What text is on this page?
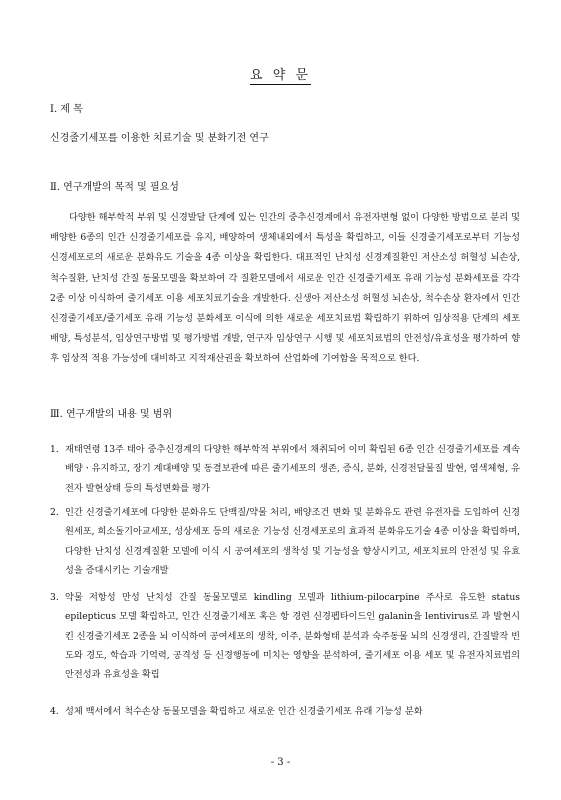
요 약 문
Ⅰ. 제 목
신경줄기세포를 이용한 치료기술 및 분화기전 연구
Ⅱ. 연구개발의 목적 및 필요성

다양한 해부학적 부위 및 신경발달 단계에 있는 인간의 중추신경계에서 유전자변형 없이 다양한 방법으로 분리 및 배양한 6종의 인간 신경줄기세포를 유지, 배양하여 생체내외에서 특성을 확립하고, 이들 신경줄기세포로부터 기능성 신경세포로의 새로운 분화유도 기술을 4종 이상을 확립한다. 대표적인 난치성 신경계질환인 저산소성 허혈성 뇌손상, 척수질환, 난치성 간질 동물모델을 확보하여 각 질환모델에서 새로운 인간 신경줄기세포 유래 기능성 분화세포를 각각 2종 이상 이식하여 줄기세포 이용 세포치료기술을 개발한다. 신생아 저산소성 허혈성 뇌손상, 척수손상 환자에서 인간 신경줄기세포/줄기세포 유래 기능성 분화세포 이식에 의한 새로운 세포치료법 확립하기 위하여 임상적용 단계의 세포 배양, 특성분석, 임상연구방법 및 평가방법 개발, 연구자 임상연구 시행 및 세포치료법의 안전성/유효성을 평가하여 향후 임상적 적용 가능성에 대비하고 지적재산권을 확보하여 산업화에 기여함을 목적으로 한다.

Ⅲ. 연구개발의 내용 및 범위
1. 재태연령 13주 태아 중추신경계의 다양한 해부학적 부위에서 채취되어 이미 확립된 6종 인간 신경줄기세포를 계속 배양ㆍ유지하고, 장기 계대배양 및 동결보관에 따른 줄기세포의 생존, 증식, 분화, 신경전달물질 발현, 염색체형, 유전자 발현상태 등의 특성변화를 평가
2. 인간 신경줄기세포에 다양한 분화유도 단백질/약물 처리, 배양조건 변화 및 분화유도 관련 유전자를 도입하여 신경원세포, 희소돌기아교세포, 성상세포 등의 새로운 기능성 신경세포로의 효과적 분화유도기술 4종 이상을 확립하며, 다양한 난치성 신경계질환 모델에 이식 시 공여세포의 생착성 및 기능성을 향상시키고, 세포치료의 안전성 및 유효성을 증대시키는 기술개발
3. 약물 저항성 만성 난치성 간질 동물모델로 kindling 모델과 lithium-pilocarpine 주사로 유도한 status epilepticus 모델 확립하고, 인간 신경줄기세포 혹은 항 경련 신경펩타이드인 galanin을 lentivirus로 과 발현시킨 신경줄기세포 2종을 뇌 이식하여 공여세포의 생착, 이주, 분화형태 분석과 숙주동물 뇌의 신경생리, 간질발작 빈도와 경도, 학습과 기억력, 공격성 등 신경행동에 미치는 영향을 분석하여, 줄기세포 이용 세포 및 유전자치료법의 안전성과 유효성을 확립
4. 성체 백서에서 척수손상 동물모델을 확립하고 새로운 인간 신경줄기세포 유래 기능성 분화
- 3 -
